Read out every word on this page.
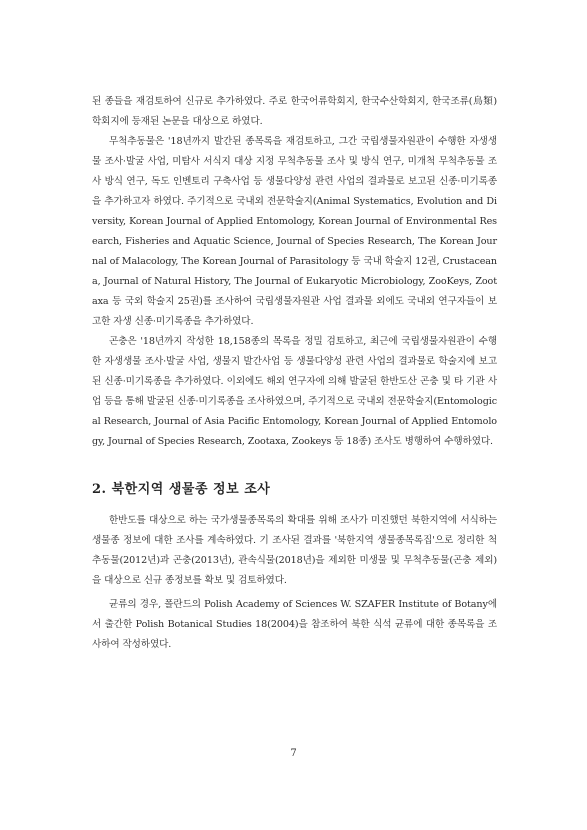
된 종들을 재검토하여 신규로 추가하였다. 주로 한국어류학회지, 한국수산학회지, 한국조류(鳥類)학회지에 등재된 논문을 대상으로 하였다.

무척추동물은 '18년까지 발간된 종목록을 재검토하고, 그간 국립생물자원관이 수행한 자생생물 조사·발굴 사업, 미탐사 서식지 대상 지정 무척추동물 조사 및 방식 연구, 미개척 무척추동물 조사 방식 연구, 독도 인벤토리 구축사업 등 생물다양성 관련 사업의 결과물로 보고된 신종·미기록종을 추가하고자 하였다. 주기적으로 국내외 전문학술지(Animal Systematics, Evolution and Diversity, Korean Journal of Applied Entomology, Korean Journal of Environmental Research, Fisheries and Aquatic Science, Journal of Species Research, The Korean Journal of Malacology, The Korean Journal of Parasitology 등 국내 학술지 12권, Crustaceana, Journal of Natural History, The Journal of Eukaryotic Microbiology, ZooKeys, Zootaxa 등 국외 학술지 25권)를 조사하여 국립생물자원관 사업 결과물 외에도 국내외 연구자들이 보고한 자생 신종·미기록종을 추가하였다.

곤충은 '18년까지 작성한 18,158종의 목록을 정밀 검토하고, 최근에 국립생물자원관이 수행한 자생생물 조사·발굴 사업, 생물지 발간사업 등 생물다양성 관련 사업의 결과물로 학술지에 보고된 신종·미기록종을 추가하였다. 이외에도 해외 연구자에 의해 발굴된 한반도산 곤충 및 타 기관 사업 등을 통해 발굴된 신종·미기록종을 조사하였으며, 주기적으로 국내외 전문학술지(Entomological Research, Journal of Asia Pacific Entomology, Korean Journal of Applied Entomology, Journal of Species Research, Zootaxa, Zookeys 등 18종) 조사도 병행하여 수행하였다.

2. 북한지역 생물종 정보 조사

한반도를 대상으로 하는 국가생물종목록의 확대를 위해 조사가 미진했던 북한지역에 서식하는 생물종 정보에 대한 조사를 계속하였다. 기 조사된 결과를 '북한지역 생물종목록집'으로 정리한 척추동물(2012년)과 곤충(2013년), 관속식물(2018년)을 제외한 미생물 및 무척추동물(곤충 제외)을 대상으로 신규 종정보를 확보 및 검토하였다.

균류의 경우, 폴란드의 Polish Academy of Sciences W. SZAFER Institute of Botany에서 출간한 Polish Botanical Studies 18(2004)을 참조하여 북한 식석 균류에 대한 종목록을 조사하여 작성하였다.

7
